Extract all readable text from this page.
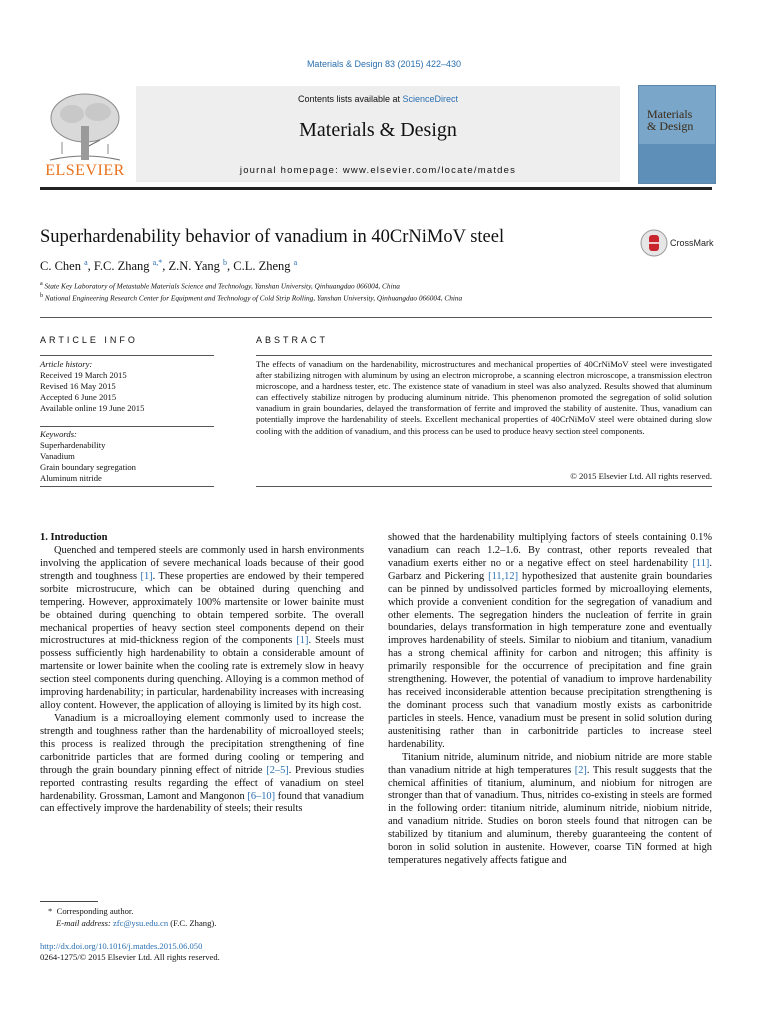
Materials & Design 83 (2015) 422–430
ELSEVIER
Contents lists available at ScienceDirect
Materials & Design
journal homepage: www.elsevier.com/locate/matdes
Materials
& Design
Superhardenability behavior of vanadium in 40CrNiMoV steel	CrossMark
C. Chen $^a$, F.C. Zhang $^{a,*}$, Z.N. Yang $^b$, C.L. Zheng $^a$
$^a$ State Key Laboratory of Metastable Materials Science and Technology, Yanshan University, Qinhuangdao 066004, China
$^b$ National Engineering Research Center for Equipment and Technology of Cold Strip Rolling, Yanshan University, Qinhuangdao 066004, China
ARTICLE INFO	ABSTRACT
Article history:
Received 19 March 2015
Revised 16 May 2015
Accepted 6 June 2015
Available online 19 June 2015
Keywords:
Superhardenability
Vanadium
Grain boundary segregation
Aluminum nitride
The effects of vanadium on the hardenability, microstructures and mechanical properties of 40CrNiMoV steel were investigated after stabilizing nitrogen with aluminum by using an electron microprobe, a scanning electron microscope, a transmission electron microscope, and a hardness tester, etc. The existence state of vanadium in steel was also analyzed. Results showed that aluminum can effectively stabilize nitrogen by producing aluminum nitride. This phenomenon promoted the segregation of solid solution vanadium in grain boundaries, delayed the transformation of ferrite and improved the stability of austenite. Thus, vanadium can potentially improve the hardenability of steels. Excellent mechanical properties of 40CrNiMoV steel were obtained during slow cooling with the addition of vanadium, and this process can be used to produce heavy section steel components.
© 2015 Elsevier Ltd. All rights reserved.
1. Introduction

Quenched and tempered steels are commonly used in harsh environments involving the application of severe mechanical loads because of their good strength and toughness [1]. These properties are endowed by their tempered sorbite microstrucure, which can be obtained during quenching and tempering. However, approximately 100% martensite or lower bainite must be obtained during quenching to obtain tempered sorbite. The overall mechanical properties of heavy section steel components depend on their microstructures at mid-thickness region of the components [1]. Steels must possess sufficiently high hardenability to obtain a considerable amount of martensite or lower bainite when the cooling rate is extremely slow in heavy section steel components during quenching. Alloying is a common method of improving hardenability; in particular, hardenability increases with increasing alloy content. However, the application of alloying is limited by its high cost.

Vanadium is a microalloying element commonly used to increase the strength and toughness rather than the hardenability of microalloyed steels; this process is realized through the precipitation strengthening of fine carbonitride particles that are formed during cooling or tempering and through the grain boundary pinning effect of nitride [2–5]. Previous studies reported contrasting results regarding the effect of vanadium on steel hardenability. Grossman, Lamont and Mangonon [6–10] found that vanadium can effectively improve the hardenability of steels; their results

showed that the hardenability multiplying factors of steels containing 0.1% vanadium can reach 1.2–1.6. By contrast, other reports revealed that vanadium exerts either no or a negative effect on steel hardenability [11]. Garbarz and Pickering [11,12] hypothesized that austenite grain boundaries can be pinned by undissolved particles formed by microalloying elements, which provide a convenient condition for the segregation of vanadium and other elements. The segregation hinders the nucleation of ferrite in grain boundaries, delays transformation in high temperature zone and eventually improves hardenability of steels. Similar to niobium and titanium, vanadium has a strong chemical affinity for carbon and nitrogen; this affinity is primarily responsible for the occurrence of precipitation and fine grain strengthening. However, the potential of vanadium to improve hardenability has received inconsiderable attention because precipitation strengthening is the dominant process such that vanadium mostly exists as carbonitride particles in steels. Hence, vanadium must be present in solid solution during austenitising rather than in carbonitride particles to increase steel hardenability.

Titanium nitride, aluminum nitride, and niobium nitride are more stable than vanadium nitride at high temperatures [2]. This result suggests that the chemical affinities of titanium, aluminum, and niobium for nitrogen are stronger than that of vanadium. Thus, nitrides co-existing in steels are formed in the following order: titanium nitride, aluminum nitride, niobium nitride, and vanadium nitride. Studies on boron steels found that nitrogen can be stabilized by titanium and aluminum, thereby guaranteeing the content of boron in solid solution in austenite. However, coarse TiN formed at high temperatures negatively affects fatigue and

* Corresponding author.
E-mail address: zfc@ysu.edu.cn (F.C. Zhang).
http://dx.doi.org/10.1016/j.matdes.2015.06.050
0264-1275/© 2015 Elsevier Ltd. All rights reserved.
